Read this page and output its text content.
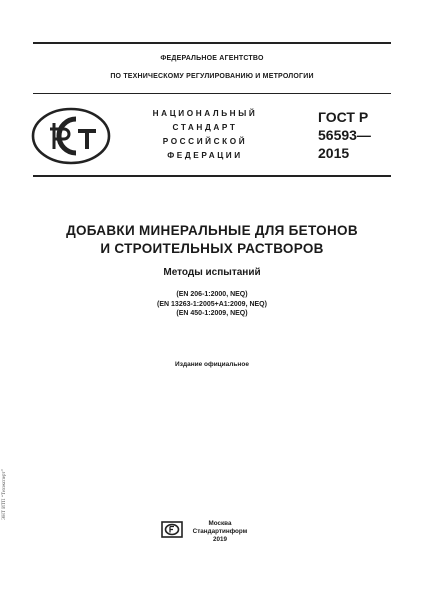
ФЕДЕРАЛЬНОЕ АГЕНТСТВО
ПО ТЕХНИЧЕСКОМУ РЕГУЛИРОВАНИЮ И МЕТРОЛОГИИ
НАЦИОНАЛЬНЫЙ
СТАНДАРТ
РОССИЙСКОЙ
ФЕДЕРАЦИИ
ГОСТ Р
56593—
2015
ДОБАВКИ МИНЕРАЛЬНЫЕ ДЛЯ БЕТОНОВ
И СТРОИТЕЛЬНЫХ РАСТВОРОВ
Методы испытаний
(EN 206-1:2000, NEQ)
(EN 13263-1:2005+A1:2009, NEQ)
(EN 450-1:2009, NEQ)
Издание официальное
Москва
Стандартинформ
2019
ЭНТ ИТП “Техэксперт”
